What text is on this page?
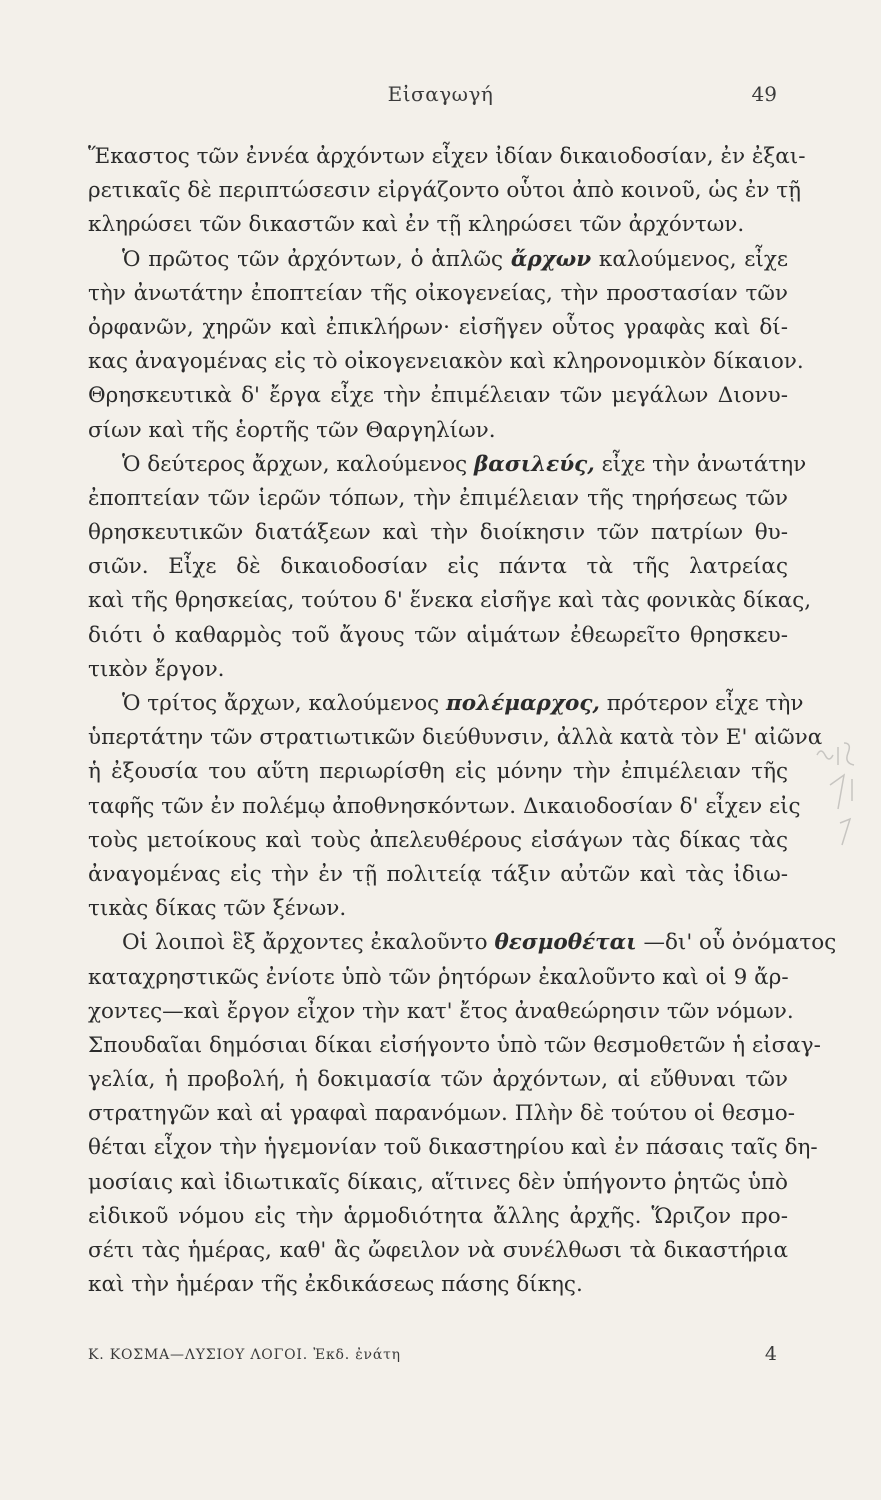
Εἰσαγωγή	49
Ἕκαστος τῶν ἐννέα ἀρχόντων εἶχεν ἰδίαν δικαιοδοσίαν, ἐν ἐξαι-
ρετικαῖς δὲ περιπτώσεσιν εἰργάζοντο οὗτοι ἀπὸ κοινοῦ, ὡς ἐν τῇ
κληρώσει τῶν δικαστῶν καὶ ἐν τῇ κληρώσει τῶν ἀρχόντων.
Ὁ πρῶτος τῶν ἀρχόντων, ὁ ἁπλῶς ἄρχων καλούμενος, εἶχε
τὴν ἀνωτάτην ἐποπτείαν τῆς οἰκογενείας, τὴν προστασίαν τῶν
ὀρφανῶν, χηρῶν καὶ ἐπικλήρων· εἰσῆγεν οὗτος γραφὰς καὶ δί-
κας ἀναγομένας εἰς τὸ οἰκογενειακὸν καὶ κληρονομικὸν δίκαιον.
Θρησκευτικὰ δ' ἔργα εἶχε τὴν ἐπιμέλειαν τῶν μεγάλων Διονυ-
σίων καὶ τῆς ἑορτῆς τῶν Θαργηλίων.
Ὁ δεύτερος ἄρχων, καλούμενος βασιλεύς, εἶχε τὴν ἀνωτάτην
ἐποπτείαν τῶν ἱερῶν τόπων, τὴν ἐπιμέλειαν τῆς τηρήσεως τῶν
θρησκευτικῶν διατάξεων καὶ τὴν διοίκησιν τῶν πατρίων θυ-
σιῶν. Εἶχε δὲ δικαιοδοσίαν εἰς πάντα τὰ τῆς λατρείας
καὶ τῆς θρησκείας, τούτου δ' ἕνεκα εἰσῆγε καὶ τὰς φονικὰς δίκας,
διότι ὁ καθαρμὸς τοῦ ἄγους τῶν αἱμάτων ἐθεωρεῖτο θρησκευ-
τικὸν ἔργον.
Ὁ τρίτος ἄρχων, καλούμενος πολέμαρχος, πρότερον εἶχε τὴν
ὑπερτάτην τῶν στρατιωτικῶν διεύθυνσιν, ἀλλὰ κατὰ τὸν Ε' αἰῶνα
ἡ ἐξουσία του αὕτη περιωρίσθη εἰς μόνην τὴν ἐπιμέλειαν τῆς
ταφῆς τῶν ἐν πολέμῳ ἀποθνησκόντων. Δικαιοδοσίαν δ' εἶχεν εἰς
τοὺς μετοίκους καὶ τοὺς ἀπελευθέρους εἰσάγων τὰς δίκας τὰς
ἀναγομένας εἰς τὴν ἐν τῇ πολιτείᾳ τάξιν αὐτῶν καὶ τὰς ἰδιω-
τικὰς δίκας τῶν ξένων.
Οἱ λοιποὶ ἓξ ἄρχοντες ἐκαλοῦντο θεσμοθέται —δι' οὗ ὀνόματος
καταχρηστικῶς ἐνίοτε ὑπὸ τῶν ῥητόρων ἐκαλοῦντο καὶ οἱ 9 ἄρ-
χοντες—καὶ ἔργον εἶχον τὴν κατ' ἔτος ἀναθεώρησιν τῶν νόμων.
Σπουδαῖαι δημόσιαι δίκαι εἰσήγοντο ὑπὸ τῶν θεσμοθετῶν ἡ εἰσαγ-
γελία, ἡ προβολή, ἡ δοκιμασία τῶν ἀρχόντων, αἱ εὔθυναι τῶν
στρατηγῶν καὶ αἱ γραφαὶ παρανόμων. Πλὴν δὲ τούτου οἱ θεσμο-
θέται εἶχον τὴν ἡγεμονίαν τοῦ δικαστηρίου καὶ ἐν πάσαις ταῖς δη-
μοσίαις καὶ ἰδιωτικαῖς δίκαις, αἵτινες δὲν ὑπήγοντο ῥητῶς ὑπὸ
εἰδικοῦ νόμου εἰς τὴν ἁρμοδιότητα ἄλλης ἀρχῆς. Ὥριζον προ-
σέτι τὰς ἡμέρας, καθ' ἃς ὤφειλον νὰ συνέλθωσι τὰ δικαστήρια
καὶ τὴν ἡμέραν τῆς ἐκδικάσεως πάσης δίκης.
Κ. ΚΟΣΜΑ—ΛΥΣΙΟΥ ΛΟΓΟΙ. Ἐκδ. ἐνάτη	4
